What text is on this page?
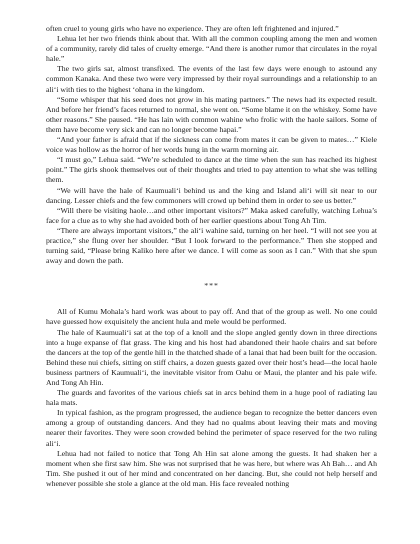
often cruel to young girls who have no experience. They are often left frightened and injured.”

Lehua let her two friends think about that. With all the common coupling among the men and women of a community, rarely did tales of cruelty emerge. “And there is another rumor that circulates in the royal hale.”

The two girls sat, almost transfixed. The events of the last few days were enough to astound any common Kanaka. And these two were very impressed by their royal surroundings and a relationship to an ali‘i with ties to the highest ‘ohana in the kingdom.

“Some whisper that his seed does not grow in his mating partners.” The news had its expected result. And before her friend’s faces returned to normal, she went on. “Some blame it on the whiskey. Some have other reasons.” She paused. “He has lain with common wahine who frolic with the haole sailors. Some of them have become very sick and can no longer become hapai.”

“And your father is afraid that if the sickness can come from mates it can be given to mates…” Kiele voice was hollow as the horror of her words hung in the warm morning air.

“I must go,” Lehua said. “We’re scheduled to dance at the time when the sun has reached its highest point.” The girls shook themselves out of their thoughts and tried to pay attention to what she was telling them.

“We will have the hale of Kaumuali‘i behind us and the king and Island ali‘i will sit near to our dancing. Lesser chiefs and the few commoners will crowd up behind them in order to see us better.”

“Will there be visiting haole…and other important visitors?” Maka asked carefully, watching Lehua’s face for a clue as to why she had avoided both of her earlier questions about Tong Ah Tim.

“There are always important visitors,” the ali‘i wahine said, turning on her heel. “I will not see you at practice,” she flung over her shoulder. “But I look forward to the performance.” Then she stopped and turning said, “Please bring Kaliko here after we dance. I will come as soon as I can.” With that she spun away and down the path.

***

All of Kumu Mohala’s hard work was about to pay off. And that of the group as well. No one could have guessed how exquisitely the ancient hula and mele would be performed.

The hale of Kaumuali‘i sat at the top of a knoll and the slope angled gently down in three directions into a huge expanse of flat grass. The king and his host had abandoned their haole chairs and sat before the dancers at the top of the gentle hill in the thatched shade of a lanai that had been built for the occasion. Behind these nui chiefs, sitting on stiff chairs, a dozen guests gazed over their host’s head—the local haole business partners of Kaumuali‘i, the inevitable visitor from Oahu or Maui, the planter and his pale wife. And Tong Ah Hin.

The guards and favorites of the various chiefs sat in arcs behind them in a huge pool of radiating lau hala mats.

In typical fashion, as the program progressed, the audience began to recognize the better dancers even among a group of outstanding dancers. And they had no qualms about leaving their mats and moving nearer their favorites. They were soon crowded behind the perimeter of space reserved for the two ruling ali‘i.

Lehua had not failed to notice that Tong Ah Hin sat alone among the guests. It had shaken her a moment when she first saw him. She was not surprised that he was here, but where was Ah Bah… and Ah Tim. She pushed it out of her mind and concentrated on her dancing. But, she could not help herself and whenever possible she stole a glance at the old man. His face revealed nothing
